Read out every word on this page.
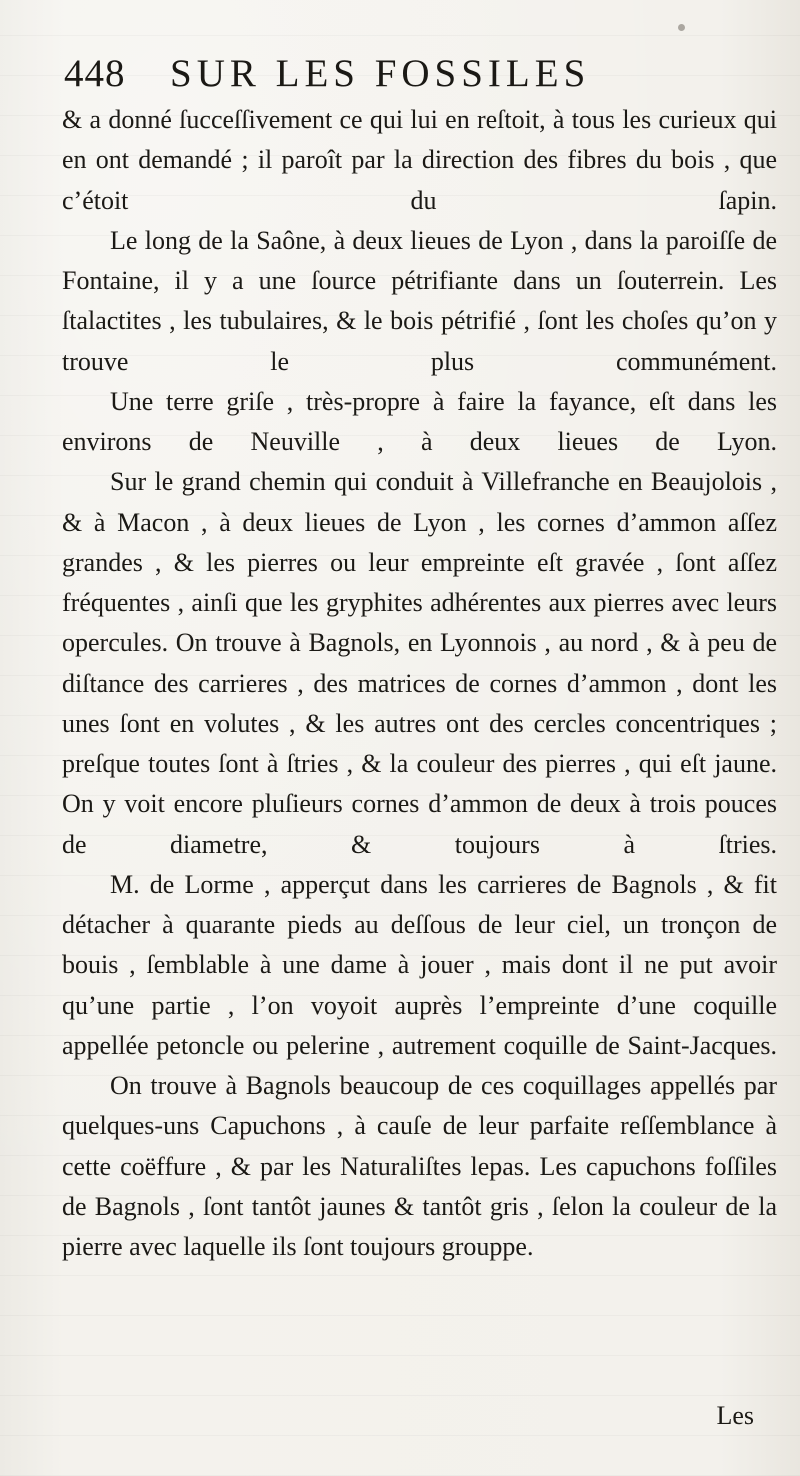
448 SUR LES FOSSILES

& a donné ſucceſſivement ce qui lui en reſtoit, à tous les curieux qui en ont demandé ; il paroît par la direction des fibres du bois , que c’étoit du ſapin.

Le long de la Saône, à deux lieues de Lyon , dans la paroiſſe de Fontaine, il y a une ſource pétrifiante dans un ſouterrein. Les ſtalactites , les tubulaires, & le bois pétrifié , ſont les choſes qu’on y trouve le plus communément.

Une terre griſe , très-propre à faire la fayance, eſt dans les environs de Neuville , à deux lieues de Lyon.

Sur le grand chemin qui conduit à Villefranche en Beaujolois , & à Macon , à deux lieues de Lyon , les cornes d’ammon aſſez grandes , & les pierres ou leur empreinte eſt gravée , ſont aſſez fréquentes , ainſi que les gryphites adhérentes aux pierres avec leurs opercules. On trouve à Bagnols, en Lyonnois , au nord , & à peu de diſtance des carrieres , des matrices de cornes d’ammon , dont les unes ſont en volutes , & les autres ont des cercles concentriques ; preſque toutes ſont à ſtries , & la couleur des pierres , qui eſt jaune. On y voit encore pluſieurs cornes d’ammon de deux à trois pouces de diametre, & toujours à ſtries.

M. de Lorme , apperçut dans les carrieres de Bagnols , & fit détacher à quarante pieds au deſſous de leur ciel, un tronçon de bouis , ſemblable à une dame à jouer , mais dont il ne put avoir qu’une partie , l’on voyoit auprès l’empreinte d’une coquille appellée petoncle ou pelerine , autrement coquille de Saint-Jacques.

On trouve à Bagnols beaucoup de ces coquillages appellés par quelques-uns Capuchons , à cauſe de leur parfaite reſſemblance à cette coëffure , & par les Naturaliſtes lepas. Les capuchons foſſiles de Bagnols , ſont tantôt jaunes & tantôt gris , ſelon la couleur de la pierre avec laquelle ils ſont toujours grouppe.

Les
